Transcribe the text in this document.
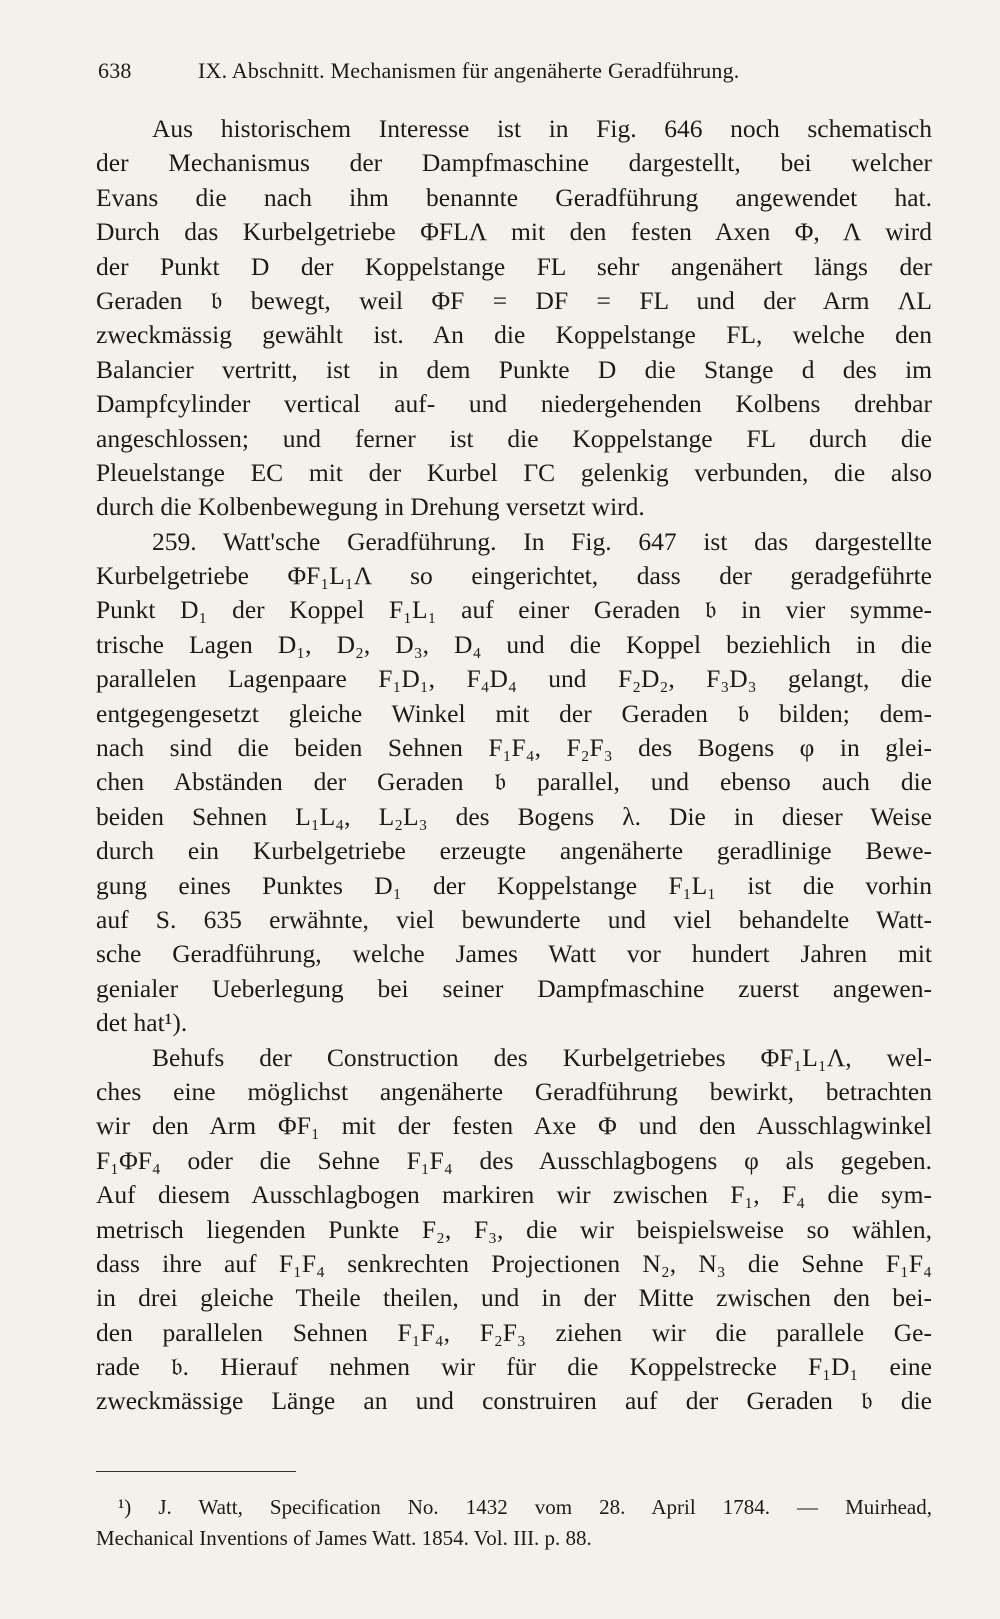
638	IX. Abschnitt. Mechanismen für angenäherte Geradführung.
Aus historischem Interesse ist in Fig. 646 noch schematisch
der Mechanismus der Dampfmaschine dargestellt, bei welcher
Evans die nach ihm benannte Geradführung angewendet hat.
Durch das Kurbelgetriebe ΦFLΛ mit den festen Axen Φ, Λ wird
der Punkt D der Koppelstange FL sehr angenähert längs der
Geraden 𝔟 bewegt, weil ΦF = DF = FL und der Arm ΛL
zweckmässig gewählt ist. An die Koppelstange FL, welche den
Balancier vertritt, ist in dem Punkte D die Stange d des im
Dampfcylinder vertical auf- und niedergehenden Kolbens drehbar
angeschlossen; und ferner ist die Koppelstange FL durch die
Pleuelstange EC mit der Kurbel ΓC gelenkig verbunden, die also
durch die Kolbenbewegung in Drehung versetzt wird.
259. Watt'sche Geradführung. In Fig. 647 ist das dargestellte
Kurbelgetriebe ΦF₁L₁Λ so eingerichtet, dass der geradgeführte
Punkt D₁ der Koppel F₁L₁ auf einer Geraden 𝔟 in vier symme-
trische Lagen D₁, D₂, D₃, D₄ und die Koppel beziehlich in die
parallelen Lagenpaare F₁D₁, F₄D₄ und F₂D₂, F₃D₃ gelangt, die
entgegengesetzt gleiche Winkel mit der Geraden 𝔟 bilden; dem-
nach sind die beiden Sehnen F₁F₄, F₂F₃ des Bogens φ in glei-
chen Abständen der Geraden 𝔟 parallel, und ebenso auch die
beiden Sehnen L₁L₄, L₂L₃ des Bogens λ. Die in dieser Weise
durch ein Kurbelgetriebe erzeugte angenäherte geradlinige Bewe-
gung eines Punktes D₁ der Koppelstange F₁L₁ ist die vorhin
auf S. 635 erwähnte, viel bewunderte und viel behandelte Watt-
sche Geradführung, welche James Watt vor hundert Jahren mit
genialer Ueberlegung bei seiner Dampfmaschine zuerst angewen-
det hat¹).
Behufs der Construction des Kurbelgetriebes ΦF₁L₁Λ, wel-
ches eine möglichst angenäherte Geradführung bewirkt, betrachten
wir den Arm ΦF₁ mit der festen Axe Φ und den Ausschlagwinkel
F₁ΦF₄ oder die Sehne F₁F₄ des Ausschlagbogens φ als gegeben.
Auf diesem Ausschlagbogen markiren wir zwischen F₁, F₄ die sym-
metrisch liegenden Punkte F₂, F₃, die wir beispielsweise so wählen,
dass ihre auf F₁F₄ senkrechten Projectionen N₂, N₃ die Sehne F₁F₄
in drei gleiche Theile theilen, und in der Mitte zwischen den bei-
den parallelen Sehnen F₁F₄, F₂F₃ ziehen wir die parallele Ge-
rade 𝔟. Hierauf nehmen wir für die Koppelstrecke F₁D₁ eine
zweckmässige Länge an und construiren auf der Geraden 𝔟 die
¹) J. Watt, Specification No. 1432 vom 28. April 1784. — Muirhead,
Mechanical Inventions of James Watt. 1854. Vol. III. p. 88.
